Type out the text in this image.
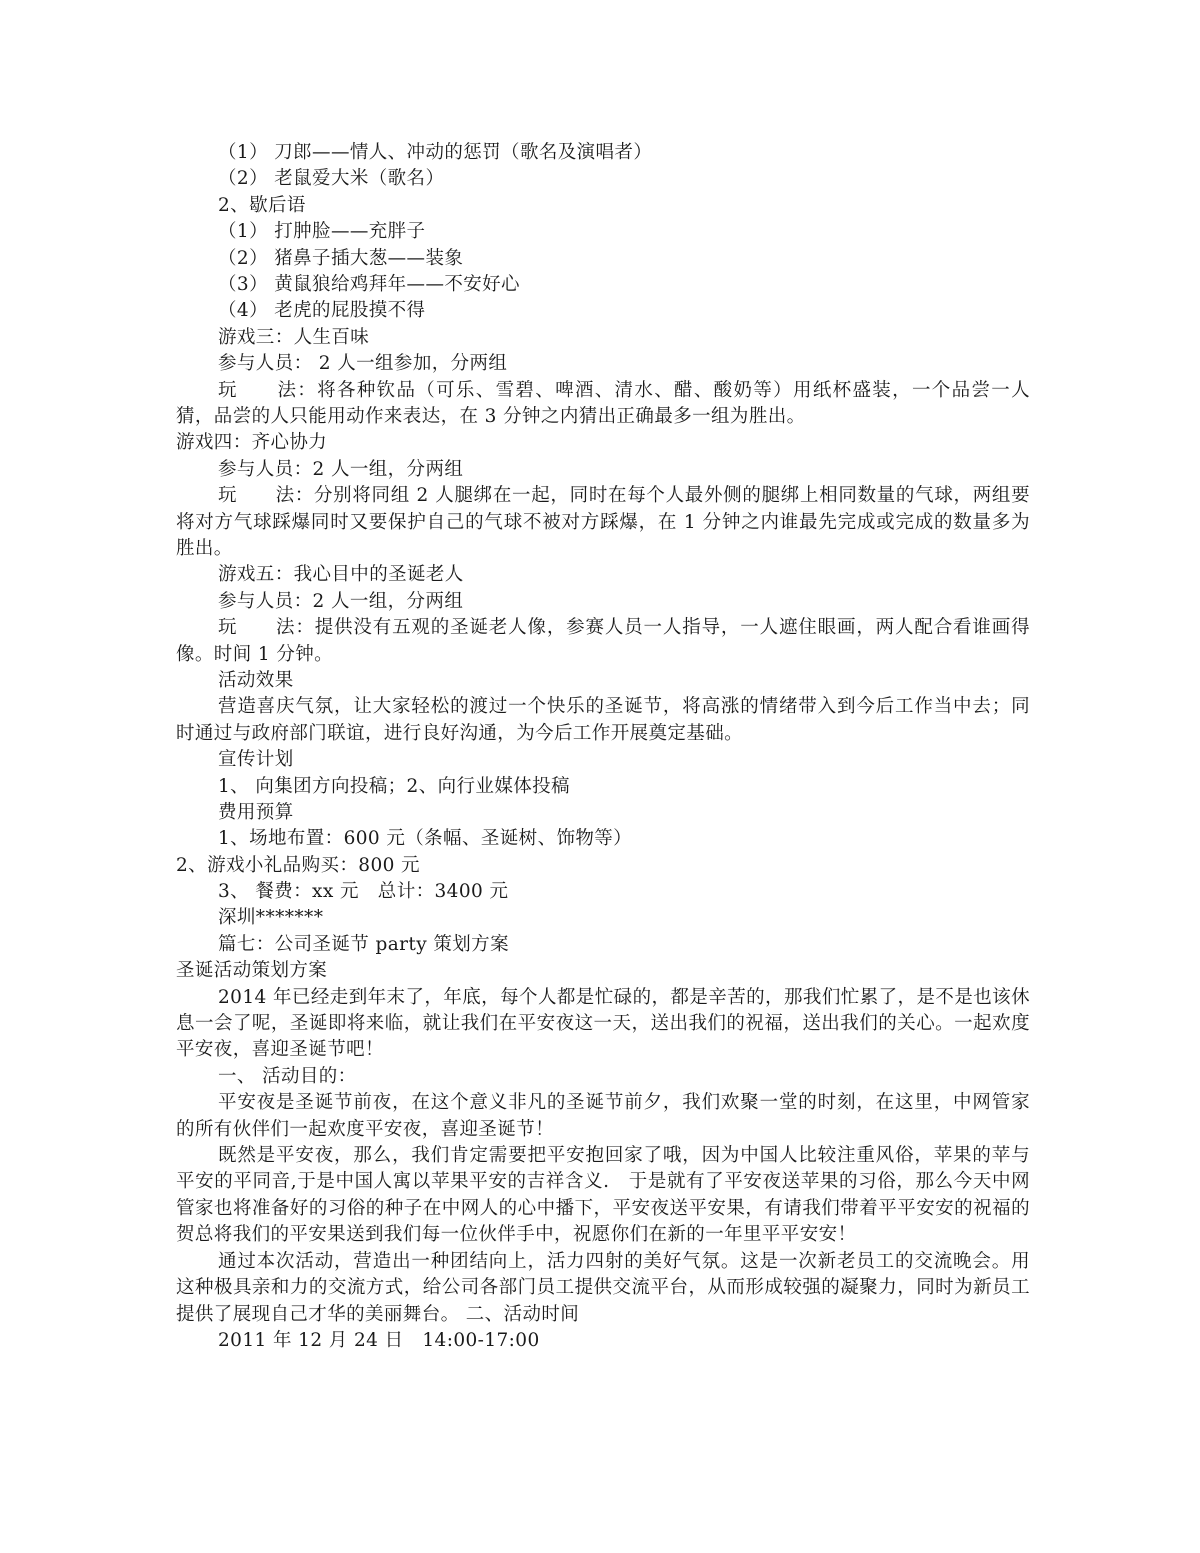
（1） 刀郎——情人、冲动的惩罚（歌名及演唱者）
（2） 老鼠爱大米（歌名）
2、歇后语
（1） 打肿脸——充胖子
（2） 猪鼻子插大葱——装象
（3） 黄鼠狼给鸡拜年——不安好心
（4） 老虎的屁股摸不得
游戏三：人生百味
参与人员： 2 人一组参加，分两组
玩　　法：将各种钦品（可乐、雪碧、啤酒、清水、醋、酸奶等）用纸杯盛装，一个品尝一人猜，品尝的人只能用动作来表达，在 3 分钟之内猜出正确最多一组为胜出。
游戏四：齐心协力
参与人员：2 人一组，分两组
玩　　法：分别将同组 2 人腿绑在一起，同时在每个人最外侧的腿绑上相同数量的气球，两组要将对方气球踩爆同时又要保护自己的气球不被对方踩爆，在 1 分钟之内谁最先完成或完成的数量多为胜出。
游戏五：我心目中的圣诞老人
参与人员：2 人一组，分两组
玩　　法：提供没有五观的圣诞老人像，参赛人员一人指导，一人遮住眼画，两人配合看谁画得像。时间 1 分钟。
活动效果
营造喜庆气氛，让大家轻松的渡过一个快乐的圣诞节，将高涨的情绪带入到今后工作当中去；同时通过与政府部门联谊，进行良好沟通，为今后工作开展奠定基础。
宣传计划
1、 向集团方向投稿；2、向行业媒体投稿
费用预算
1、场地布置：600 元（条幅、圣诞树、饰物等）
2、游戏小礼品购买：800 元
3、 餐费：xx 元　总计：3400 元
深圳*******
篇七：公司圣诞节 party 策划方案
圣诞活动策划方案
2014 年已经走到年末了，年底，每个人都是忙碌的，都是辛苦的，那我们忙累了，是不是也该休息一会了呢，圣诞即将来临，就让我们在平安夜这一天，送出我们的祝福，送出我们的关心。一起欢度平安夜，喜迎圣诞节吧！
一、 活动目的：
平安夜是圣诞节前夜，在这个意义非凡的圣诞节前夕，我们欢聚一堂的时刻，在这里，中网管家的所有伙伴们一起欢度平安夜，喜迎圣诞节！
既然是平安夜，那么，我们肯定需要把平安抱回家了哦，因为中国人比较注重风俗，苹果的苹与平安的平同音,于是中国人寓以苹果平安的吉祥含义.　于是就有了平安夜送苹果的习俗，那么今天中网管家也将准备好的习俗的种子在中网人的心中播下，平安夜送平安果，有请我们带着平平安安的祝福的贺总将我们的平安果送到我们每一位伙伴手中，祝愿你们在新的一年里平平安安！
通过本次活动，营造出一种团结向上，活力四射的美好气氛。这是一次新老员工的交流晚会。用这种极具亲和力的交流方式，给公司各部门员工提供交流平台，从而形成较强的凝聚力，同时为新员工提供了展现自己才华的美丽舞台。 二、活动时间
2011 年 12 月 24 日　14:00-17:00
